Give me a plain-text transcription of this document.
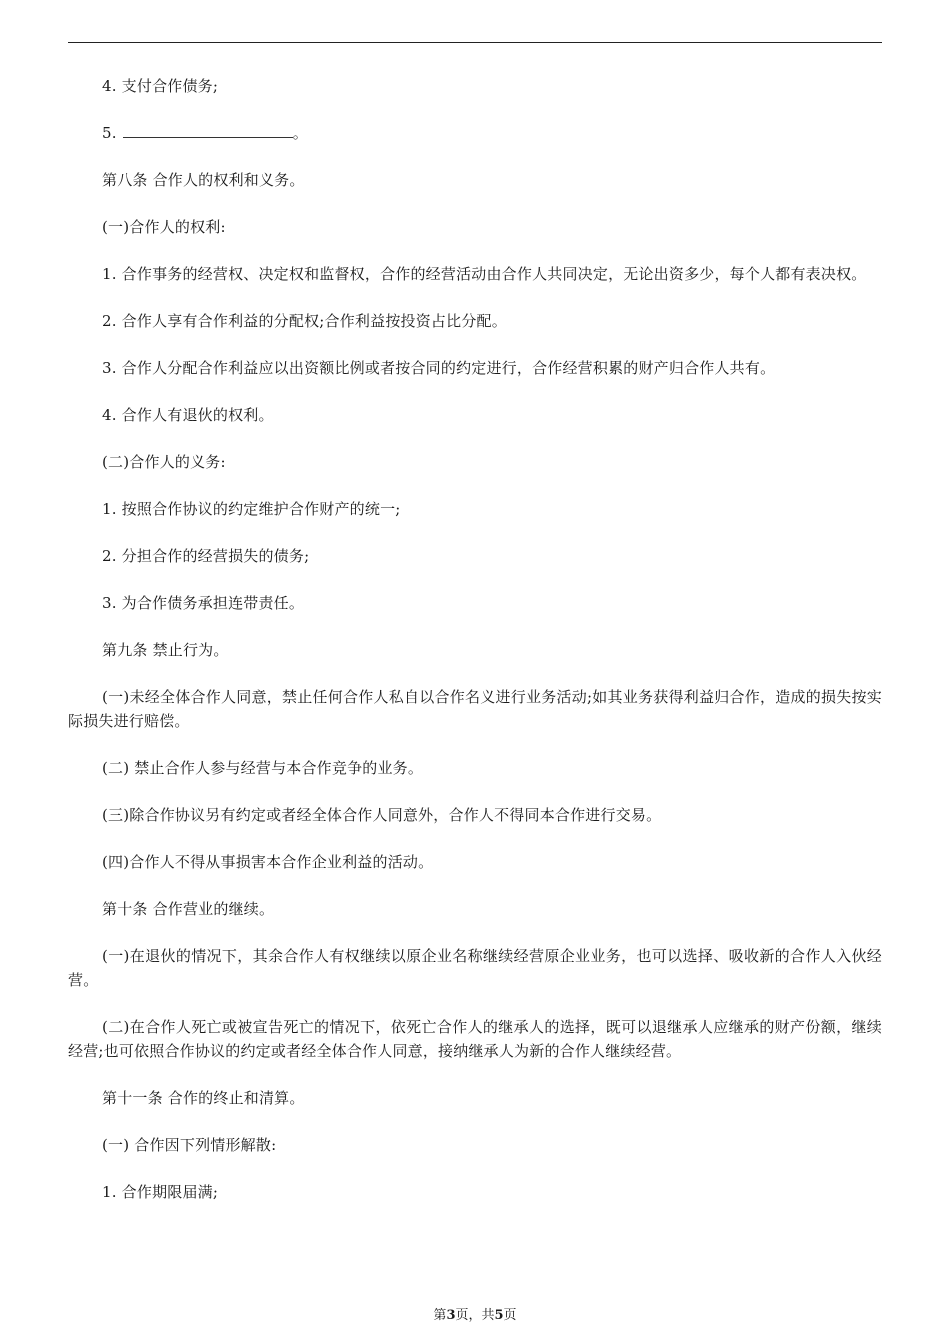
4. 支付合作债务;

5.	。

第八条 合作人的权利和义务。

(一)合作人的权利:

1. 合作事务的经营权、决定权和监督权，合作的经营活动由合作人共同决定，无论出资多少，每个人都有表决权。

2. 合作人享有合作利益的分配权;合作利益按投资占比分配。

3. 合作人分配合作利益应以出资额比例或者按合同的约定进行，合作经营积累的财产归合作人共有。

4. 合作人有退伙的权利。

(二)合作人的义务:

1. 按照合作协议的约定维护合作财产的统一;

2. 分担合作的经营损失的债务;

3. 为合作债务承担连带责任。

第九条 禁止行为。

(一)未经全体合作人同意，禁止任何合作人私自以合作名义进行业务活动;如其业务获得利益归合作，造成的损失按实际损失进行赔偿。

(二) 禁止合作人参与经营与本合作竞争的业务。

(三)除合作协议另有约定或者经全体合作人同意外，合作人不得同本合作进行交易。

(四)合作人不得从事损害本合作企业利益的活动。

第十条 合作营业的继续。

(一)在退伙的情况下，其余合作人有权继续以原企业名称继续经营原企业业务，也可以选择、吸收新的合作人入伙经营。

(二)在合作人死亡或被宣告死亡的情况下，依死亡合作人的继承人的选择，既可以退继承人应继承的财产份额，继续经营;也可依照合作协议的约定或者经全体合作人同意，接纳继承人为新的合作人继续经营。

第十一条 合作的终止和清算。

(一) 合作因下列情形解散:

1. 合作期限届满;

第3页，共5页
